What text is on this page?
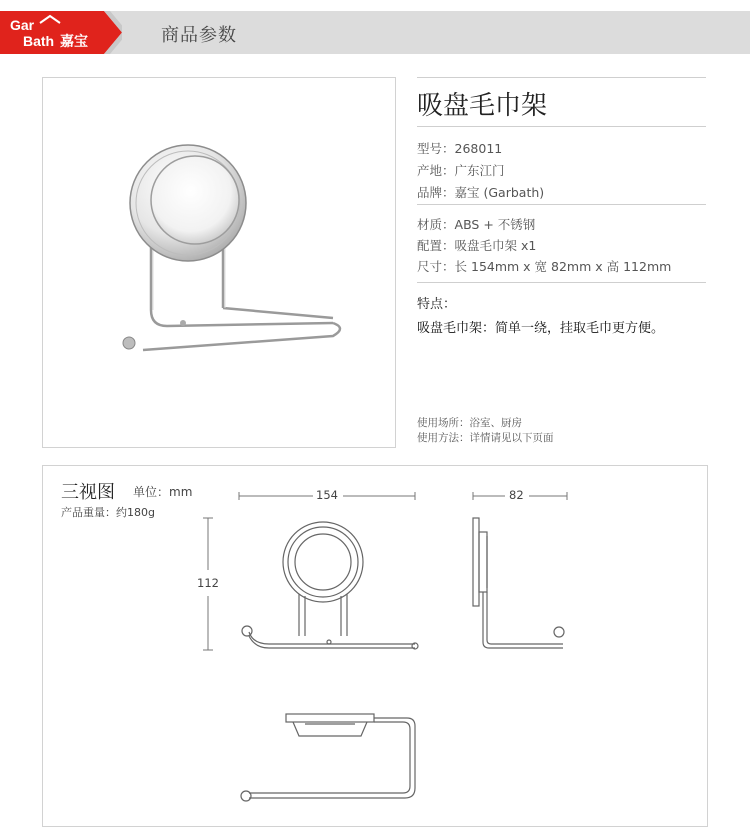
Gar
Bath 嘉宝	商品参数
吸盘毛巾架
型号：268011
产地：广东江门
品牌：嘉宝 (Garbath)
材质：ABS + 不锈钢
配置：吸盘毛巾架 x1
尺寸：长 154mm x 宽 82mm x 高 112mm
特点：
吸盘毛巾架：简单一绕，挂取毛巾更方便。
使用场所：浴室、厨房
使用方法：详情请见以下页面
三视图 单位：mm
产品重量：约180g
154	82
112
